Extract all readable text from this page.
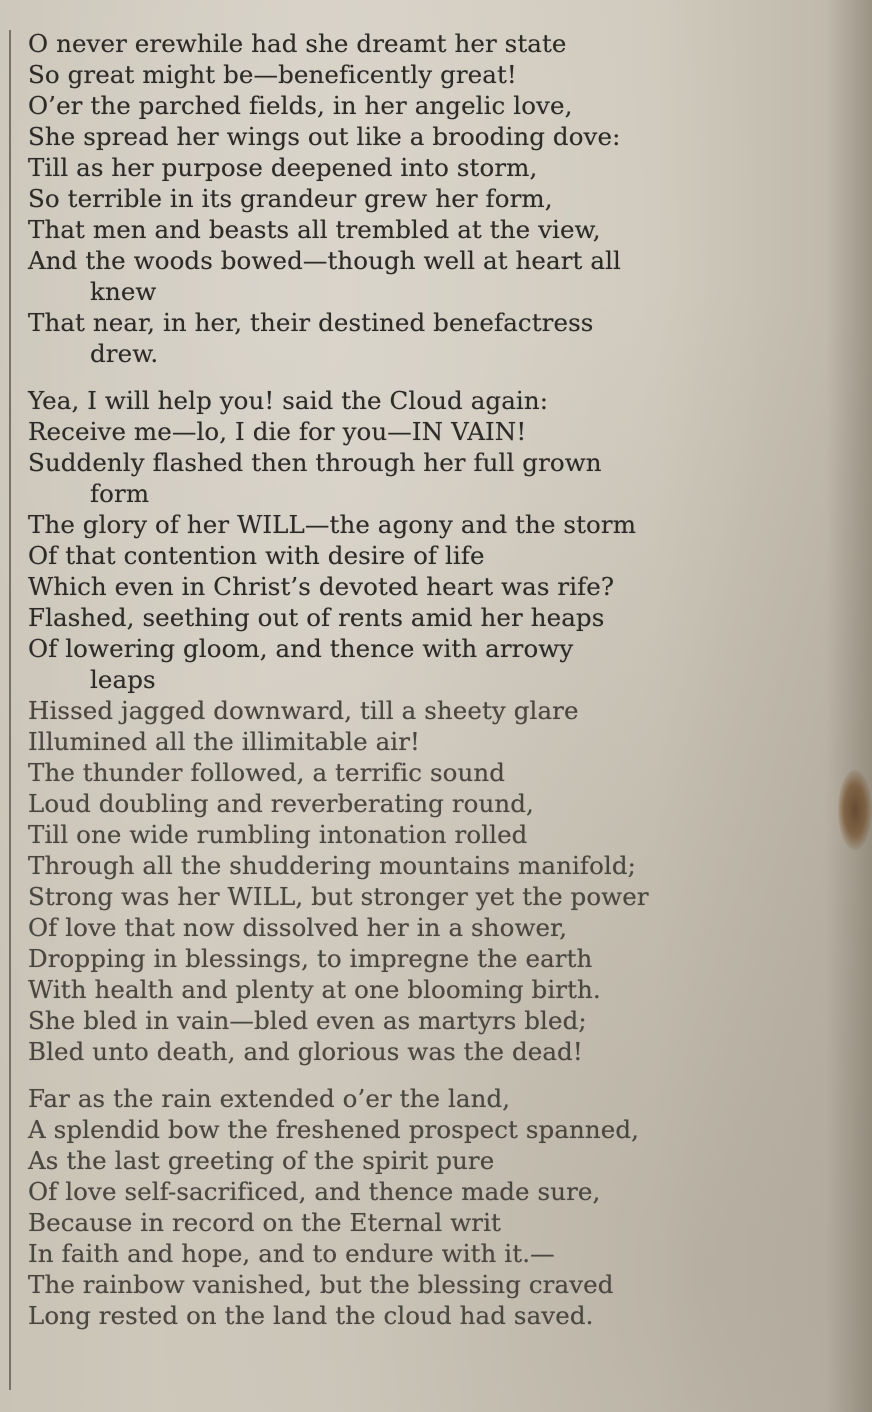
O never erewhile had she dreamt her state
So great might be—beneficently great!
O’er the parched fields, in her angelic love,
She spread her wings out like a brooding dove:
Till as her purpose deepened into storm,
So terrible in its grandeur grew her form,
That men and beasts all trembled at the view,
And the woods bowed—though well at heart all
knew
That near, in her, their destined benefactress
drew.
Yea, I will help you! said the Cloud again:
Receive me—lo, I die for you—IN VAIN!
Suddenly flashed then through her full grown
form
The glory of her WILL—the agony and the storm
Of that contention with desire of life
Which even in Christ’s devoted heart was rife?
Flashed, seething out of rents amid her heaps
Of lowering gloom, and thence with arrowy
leaps
Hissed jagged downward, till a sheety glare
Illumined all the illimitable air!
The thunder followed, a terrific sound
Loud doubling and reverberating round,
Till one wide rumbling intonation rolled
Through all the shuddering mountains manifold;
Strong was her WILL, but stronger yet the power
Of love that now dissolved her in a shower,
Dropping in blessings, to impregne the earth
With health and plenty at one blooming birth.
She bled in vain—bled even as martyrs bled;
Bled unto death, and glorious was the dead!
Far as the rain extended o’er the land,
A splendid bow the freshened prospect spanned,
As the last greeting of the spirit pure
Of love self-sacrificed, and thence made sure,
Because in record on the Eternal writ
In faith and hope, and to endure with it.—
The rainbow vanished, but the blessing craved
Long rested on the land the cloud had saved.
